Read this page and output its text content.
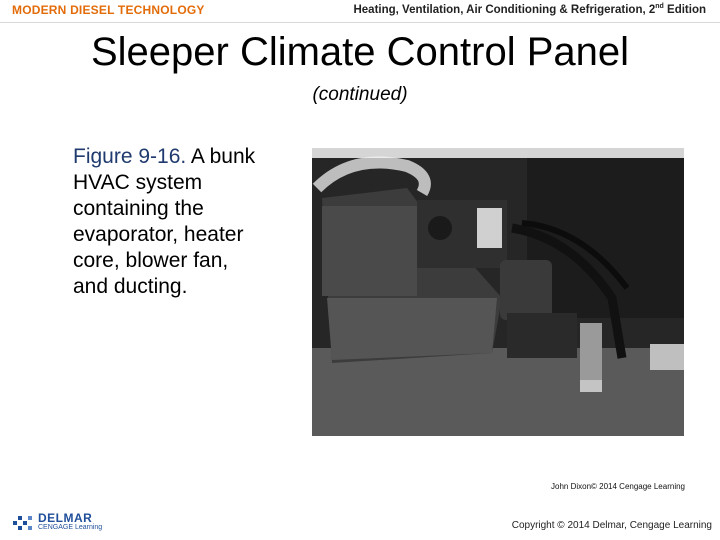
MODERN DIESEL TECHNOLOGY	Heating, Ventilation, Air Conditioning & Refrigeration, 2nd Edition
Sleeper Climate Control Panel
(continued)
Figure 9-16. A bunk HVAC system containing the evaporator, heater core, blower fan, and ducting.
John Dixon© 2014 Cengage Learning
DELMAR
CENGAGE Learning	Copyright © 2014 Delmar, Cengage Learning
